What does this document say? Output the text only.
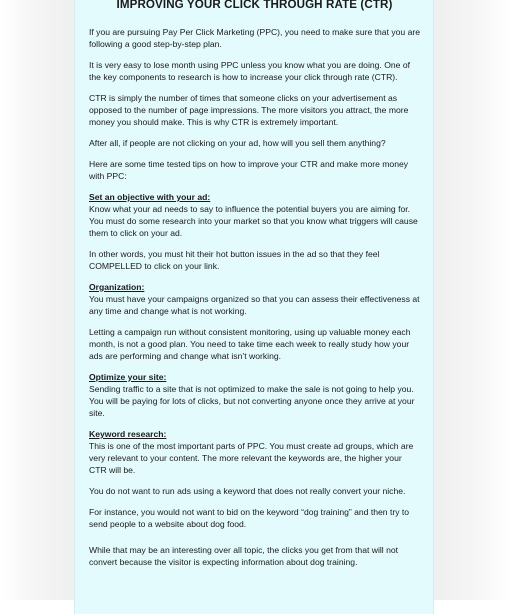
IMPROVING YOUR CLICK THROUGH RATE (CTR)

If you are pursuing Pay Per Click Marketing (PPC), you need to make sure that you are following a good step-by-step plan.

It is very easy to lose month using PPC unless you know what you are doing. One of the key components to research is how to increase your click through rate (CTR).

CTR is simply the number of times that someone clicks on your advertisement as opposed to the number of page impressions. The more visitors you attract, the more money you should make. This is why CTR is extremely important.

After all, if people are not clicking on your ad, how will you sell them anything?

Here are some time tested tips on how to improve your CTR and make more money with PPC:

Set an objective with your ad:
Know what your ad needs to say to influence the potential buyers you are aiming for. You must do some research into your market so that you know what triggers will cause them to click on your ad.

In other words, you must hit their hot button issues in the ad so that they feel COMPELLED to click on your link.

Organization:
You must have your campaigns organized so that you can assess their effectiveness at any time and change what is not working.

Letting a campaign run without consistent monitoring, using up valuable money each month, is not a good plan. You need to take time each week to really study how your ads are performing and change what isn’t working.

Optimize your site:
Sending traffic to a site that is not optimized to make the sale is not going to help you. You will be paying for lots of clicks, but not converting anyone once they arrive at your site.
Keyword research:
This is one of the most important parts of PPC. You must create ad groups, which are very relevant to your content. The more relevant the keywords are, the higher your CTR will be.

You do not want to run ads using a keyword that does not really convert your niche.

For instance, you would not want to bid on the keyword “dog training” and then try to send people to a website about dog food.

While that may be an interesting over all topic, the clicks you get from that will not convert because the visitor is expecting information about dog training.
